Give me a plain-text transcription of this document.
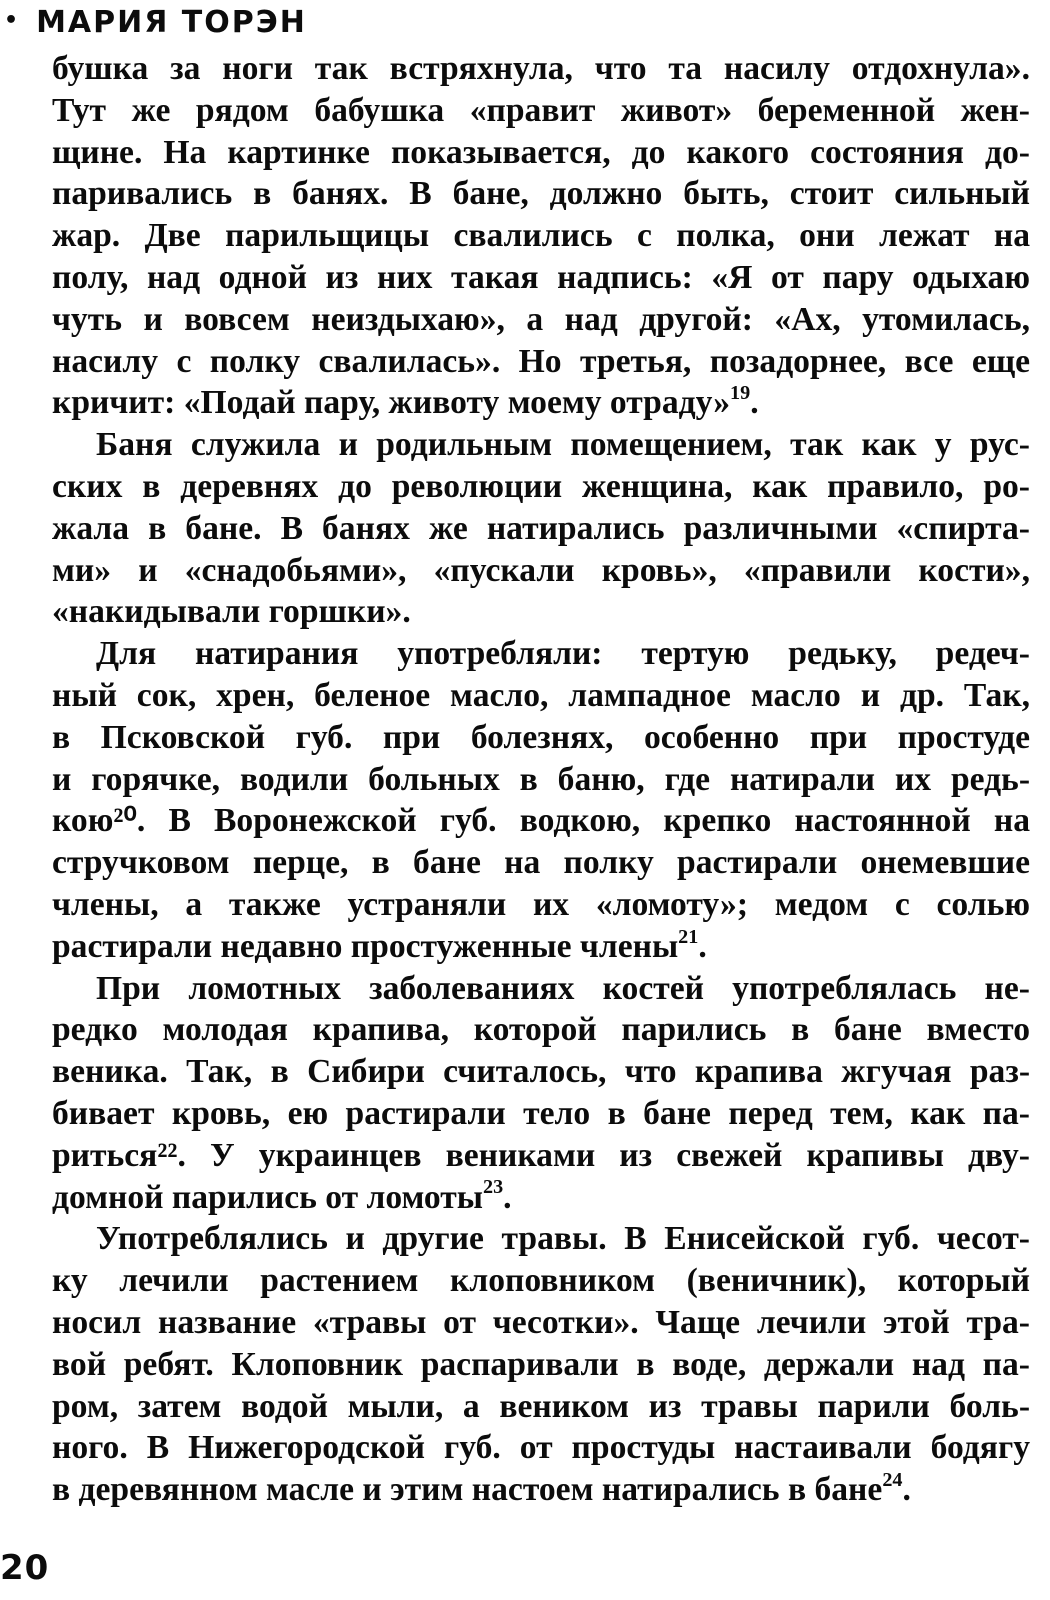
• МАРИЯ ТОРЭН
бушка за ноги так встряхнула, что та насилу отдохнула».
Тут же рядом бабушка «правит живот» беременной жен-
щине. На картинке показывается, до какого состояния до-
паривались в банях. В бане, должно быть, стоит сильный
жар. Две парильщицы свалились с полка, они лежат на
полу, над одной из них такая надпись: «Я от пару одыхаю
чуть и вовсем неиздыхаю», а над другой: «Ах, утомилась,
насилу с полку свалилась». Но третья, позадорнее, все еще
кричит: «Подай пару, животу моему отраду»$^{19}$.
Баня служила и родильным помещением, так как у рус-
ских в деревнях до революции женщина, как правило, ро-
жала в бане. В банях же натирались различными «спирта-
ми» и «снадобьями», «пускали кровь», «правили кости»,
«накидывали горшки».
Для натирания употребляли: тертую редьку, редеч-
ный сок, хрен, беленое масло, лампадное масло и др. Так,
в Псковской губ. при болезнях, особенно при простуде
и горячке, водили больных в баню, где натирали их редь-
кою²⁰. В Воронежской губ. водкою, крепко настоянной на
стручковом перце, в бане на полку растирали онемевшие
члены, а также устраняли их «ломоту»; медом с солью
растирали недавно простуженные члены$^{21}$.
При ломотных заболеваниях костей употреблялась не-
редко молодая крапива, которой парились в бане вместо
веника. Так, в Сибири считалось, что крапива жгучая раз-
бивает кровь, ею растирали тело в бане перед тем, как па-
риться²². У украинцев вениками из свежей крапивы дву-
домной парились от ломоты$^{23}$.
Употреблялись и другие травы. В Енисейской губ. чесот-
ку лечили растением клоповником (веничник), который
носил название «травы от чесотки». Чаще лечили этой тра-
вой ребят. Клоповник распаривали в воде, держали над па-
ром, затем водой мыли, а веником из травы парили боль-
ного. В Нижегородской губ. от простуды настаивали бодягу
в деревянном масле и этим настоем натирались в бане$^{24}$.
20
